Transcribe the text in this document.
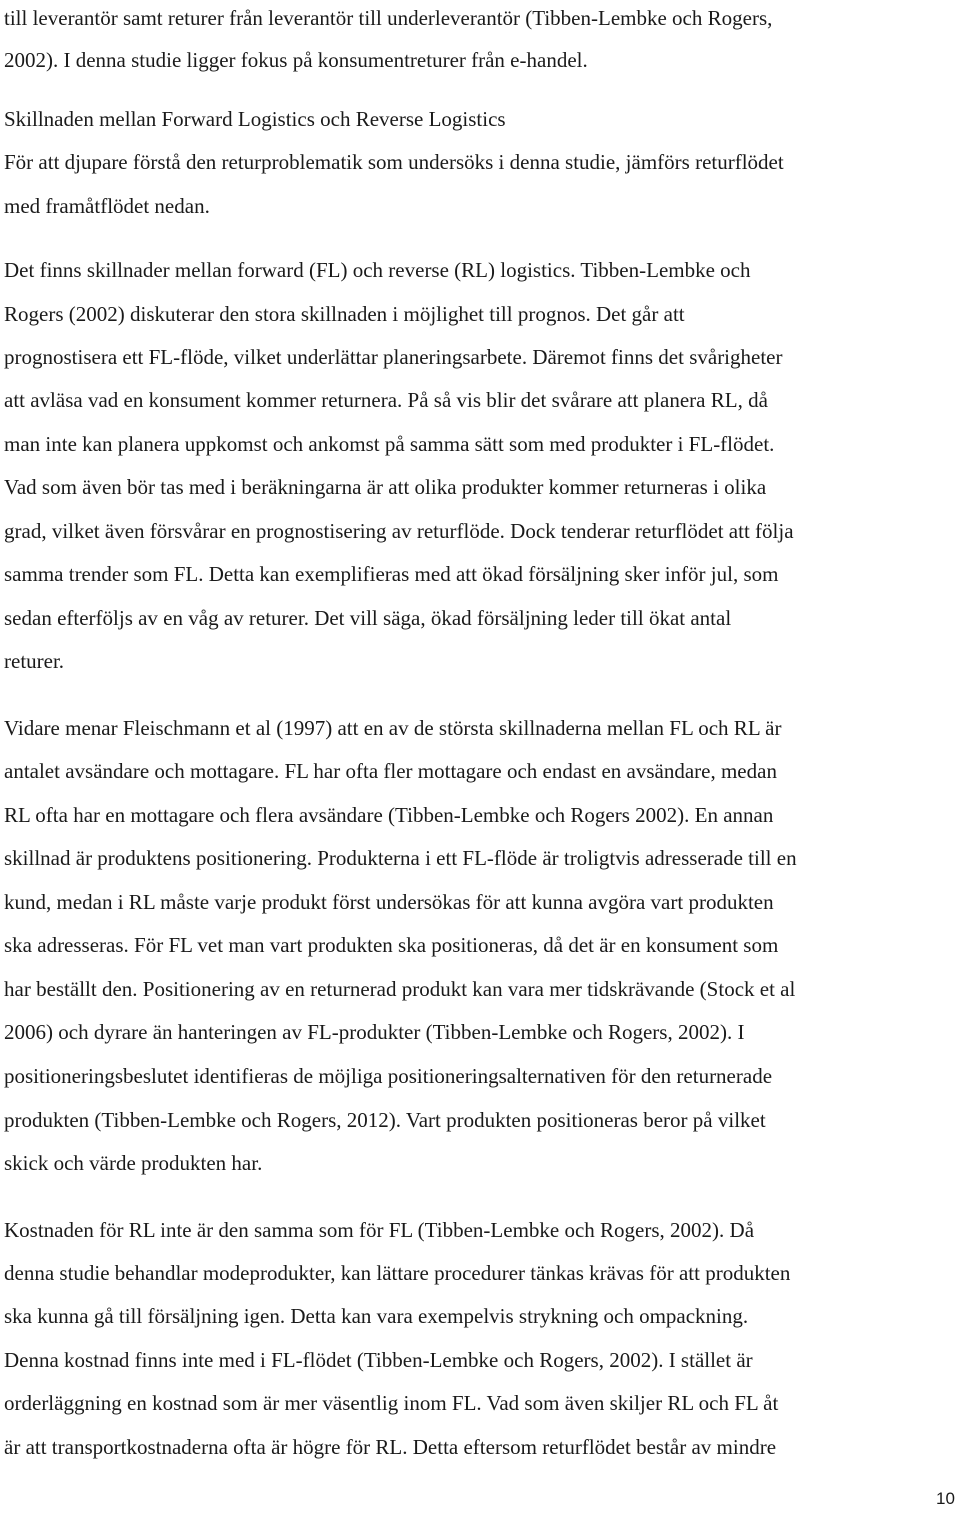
till leverantör samt returer från leverantör till underleverantör (Tibben-Lembke och Rogers,

2002). I denna studie ligger fokus på konsumentreturer från e-handel.

Skillnaden mellan Forward Logistics och Reverse Logistics

För att djupare förstå den returproblematik som undersöks i denna studie, jämförs returflödet

med framåtflödet nedan.

Det finns skillnader mellan forward (FL) och reverse (RL) logistics. Tibben-Lembke och

Rogers (2002) diskuterar den stora skillnaden i möjlighet till prognos. Det går att

prognostisera ett FL-flöde, vilket underlättar planeringsarbete. Däremot finns det svårigheter

att avläsa vad en konsument kommer returnera. På så vis blir det svårare att planera RL, då

man inte kan planera uppkomst och ankomst på samma sätt som med produkter i FL-flödet.

Vad som även bör tas med i beräkningarna är att olika produkter kommer returneras i olika

grad, vilket även försvårar en prognostisering av returflöde. Dock tenderar returflödet att följa

samma trender som FL. Detta kan exemplifieras med att ökad försäljning sker inför jul, som

sedan efterföljs av en våg av returer. Det vill säga, ökad försäljning leder till ökat antal

returer.

Vidare menar Fleischmann et al (1997) att en av de största skillnaderna mellan FL och RL är

antalet avsändare och mottagare. FL har ofta fler mottagare och endast en avsändare, medan

RL ofta har en mottagare och flera avsändare (Tibben-Lembke och Rogers 2002). En annan

skillnad är produktens positionering. Produkterna i ett FL-flöde är troligtvis adresserade till en

kund, medan i RL måste varje produkt först undersökas för att kunna avgöra vart produkten

ska adresseras. För FL vet man vart produkten ska positioneras, då det är en konsument som

har beställt den. Positionering av en returnerad produkt kan vara mer tidskrävande (Stock et al

2006) och dyrare än hanteringen av FL-produkter (Tibben-Lembke och Rogers, 2002). I

positioneringsbeslutet identifieras de möjliga positioneringsalternativen för den returnerade

produkten (Tibben-Lembke och Rogers, 2012). Vart produkten positioneras beror på vilket

skick och värde produkten har.

Kostnaden för RL inte är den samma som för FL (Tibben-Lembke och Rogers, 2002). Då

denna studie behandlar modeprodukter, kan lättare procedurer tänkas krävas för att produkten

ska kunna gå till försäljning igen. Detta kan vara exempelvis strykning och ompackning.

Denna kostnad finns inte med i FL-flödet (Tibben-Lembke och Rogers, 2002). I stället är

orderläggning en kostnad som är mer väsentlig inom FL. Vad som även skiljer RL och FL åt

är att transportkostnaderna ofta är högre för RL. Detta eftersom returflödet består av mindre

10
